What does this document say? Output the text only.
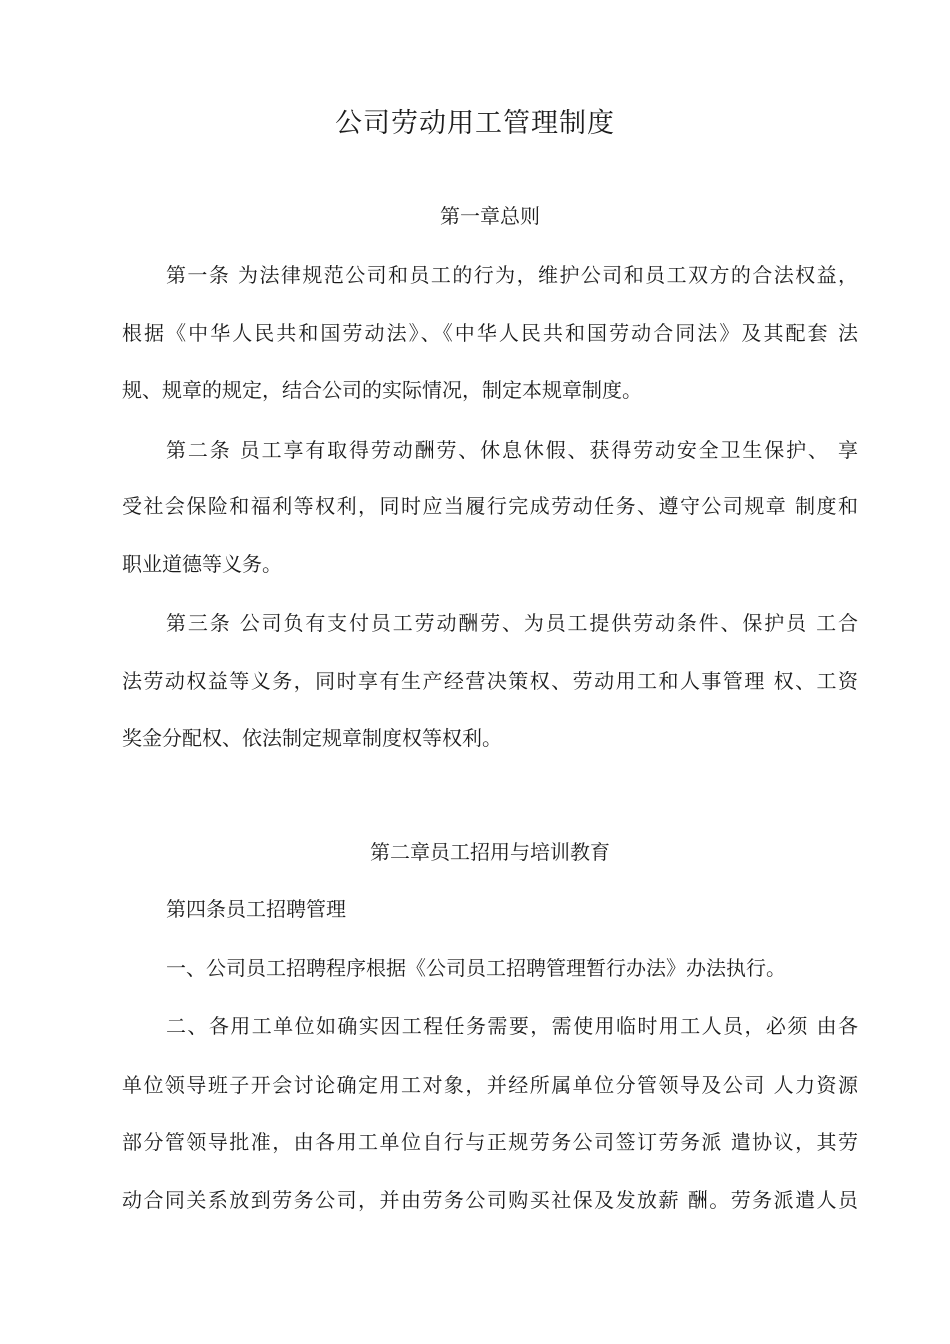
公司劳动用工管理制度
第一章总则
第一条 为法律规范公司和员工的行为，维护公司和员工双方的合法权益，
根据《中华人民共和国劳动法》、《中华人民共和国劳动合同法》及其配套 法
规、规章的规定，结合公司的实际情况，制定本规章制度。
第二条 员工享有取得劳动酬劳、休息休假、获得劳动安全卫生保护、 享
受社会保险和福利等权利，同时应当履行完成劳动任务、遵守公司规章 制度和
职业道德等义务。
第三条 公司负有支付员工劳动酬劳、为员工提供劳动条件、保护员 工合
法劳动权益等义务，同时享有生产经营决策权、劳动用工和人事管理 权、工资
奖金分配权、依法制定规章制度权等权利。
第二章员工招用与培训教育
第四条员工招聘管理
一、公司员工招聘程序根据《公司员工招聘管理暂行办法》办法执行。
二、各用工单位如确实因工程任务需要，需使用临时用工人员，必须 由各
单位领导班子开会讨论确定用工对象，并经所属单位分管领导及公司 人力资源
部分管领导批准，由各用工单位自行与正规劳务公司签订劳务派 遣协议，其劳
动合同关系放到劳务公司，并由劳务公司购买社保及发放薪 酬。劳务派遣人员
